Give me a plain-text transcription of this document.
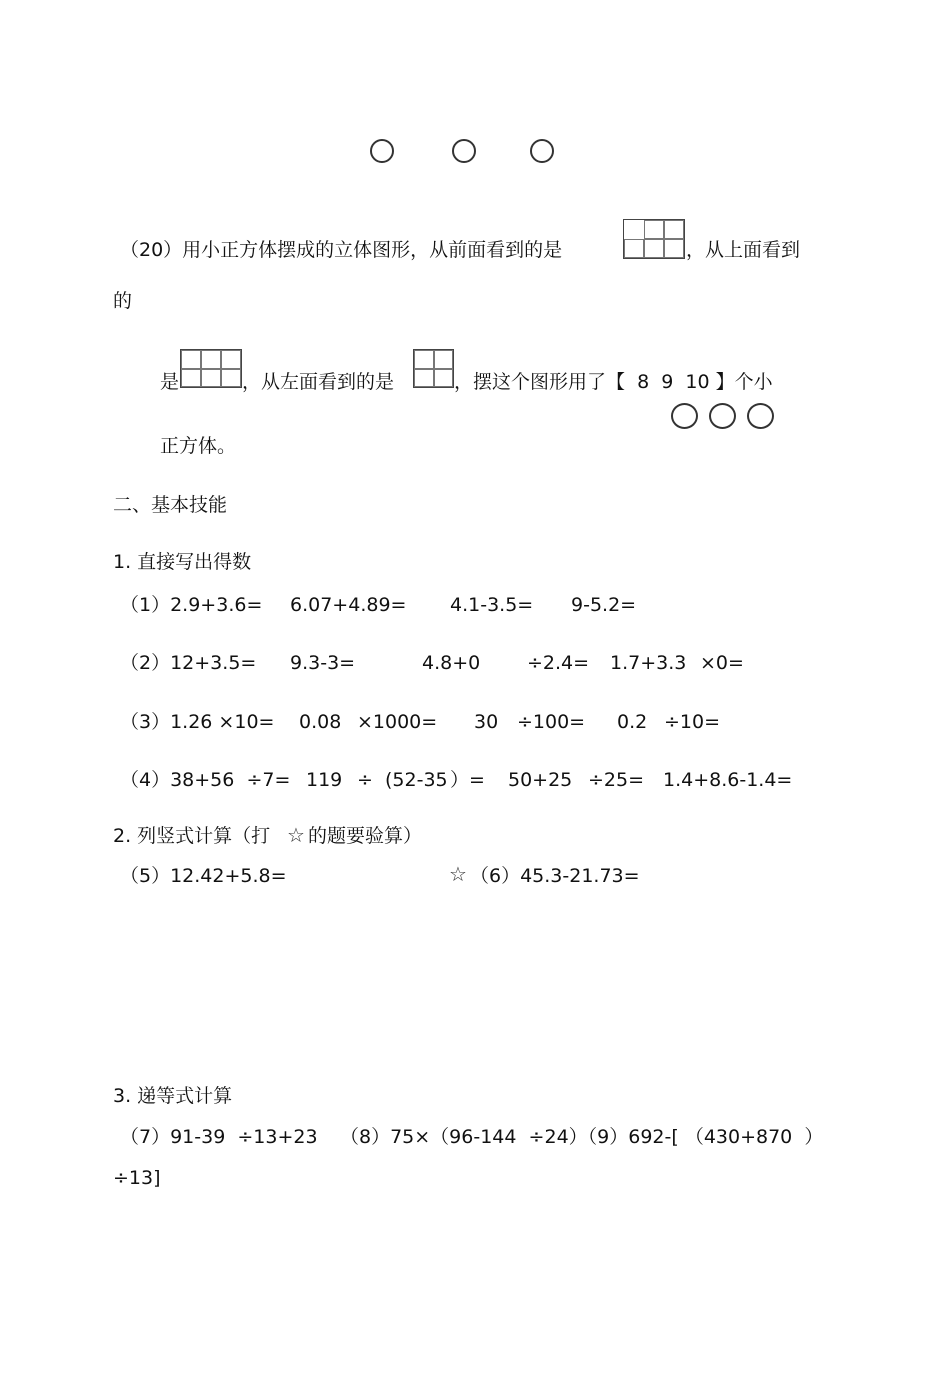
（20）用小正方体摆成的立体图形，从前面看到的是	，从上面看到
的
是	，从左面看到的是	，摆这个图形用了【  8  9  10 】个小
正方体。
二、基本技能
1. 直接写出得数
（1）2.9+3.6= 6.07+4.89= 4.1-3.5= 9-5.2=
（2）12+3.5= 9.3-3=	4.8+0 ÷2.4= 1.7+3.3 ×0=
（3）1.26 ×10= 0.08 ×1000= 30 ÷100= 0.2 ÷10=
（4）38+56  ÷7= 119 ÷ (52-35 ）= 50+25 ÷25= 1.4+8.6-1.4=
2. 列竖式计算（打 ☆ 的题要验算）
（5）12.42+5.8=	☆ （6）45.3-21.73=
3. 递等式计算
（7）91-39  ÷13+23 （8）75×（96-144  ÷24）（9）692-[ （430+870  ）
÷13]
